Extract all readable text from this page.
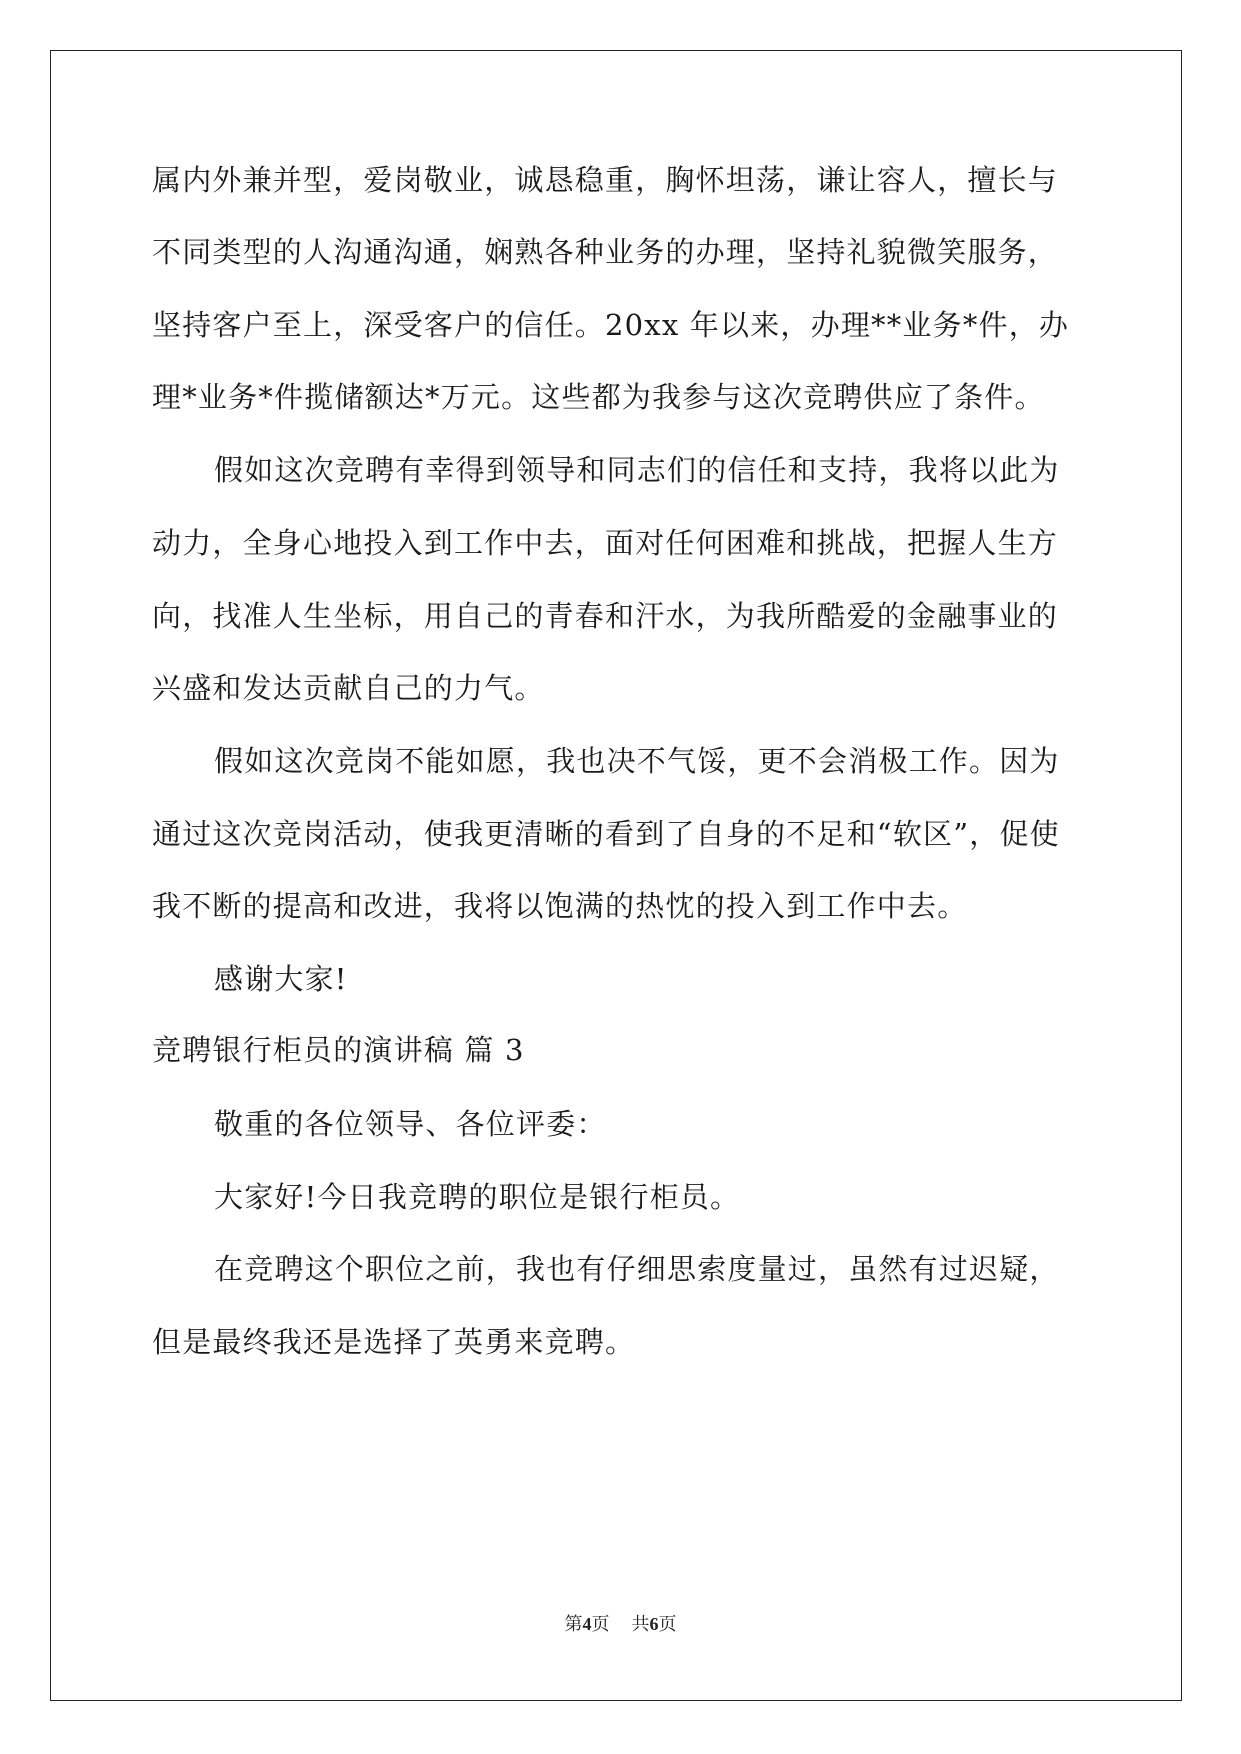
属内外兼并型，爱岗敬业，诚恳稳重，胸怀坦荡，谦让容人，擅长与
不同类型的人沟通沟通，娴熟各种业务的办理，坚持礼貌微笑服务，
坚持客户至上，深受客户的信任。20xx 年以来，办理**业务*件，办
理*业务*件揽储额达*万元。这些都为我参与这次竞聘供应了条件。
假如这次竞聘有幸得到领导和同志们的信任和支持，我将以此为
动力，全身心地投入到工作中去，面对任何困难和挑战，把握人生方
向，找准人生坐标，用自己的青春和汗水，为我所酷爱的金融事业的
兴盛和发达贡献自己的力气。
假如这次竞岗不能如愿，我也决不气馁，更不会消极工作。因为
通过这次竞岗活动，使我更清晰的看到了自身的不足和“软区”，促使
我不断的提高和改进，我将以饱满的热忱的投入到工作中去。
感谢大家!
竞聘银行柜员的演讲稿 篇 3
敬重的各位领导、各位评委：
大家好!今日我竞聘的职位是银行柜员。
在竞聘这个职位之前，我也有仔细思索度量过，虽然有过迟疑，
但是最终我还是选择了英勇来竞聘。
第4页 共6页
